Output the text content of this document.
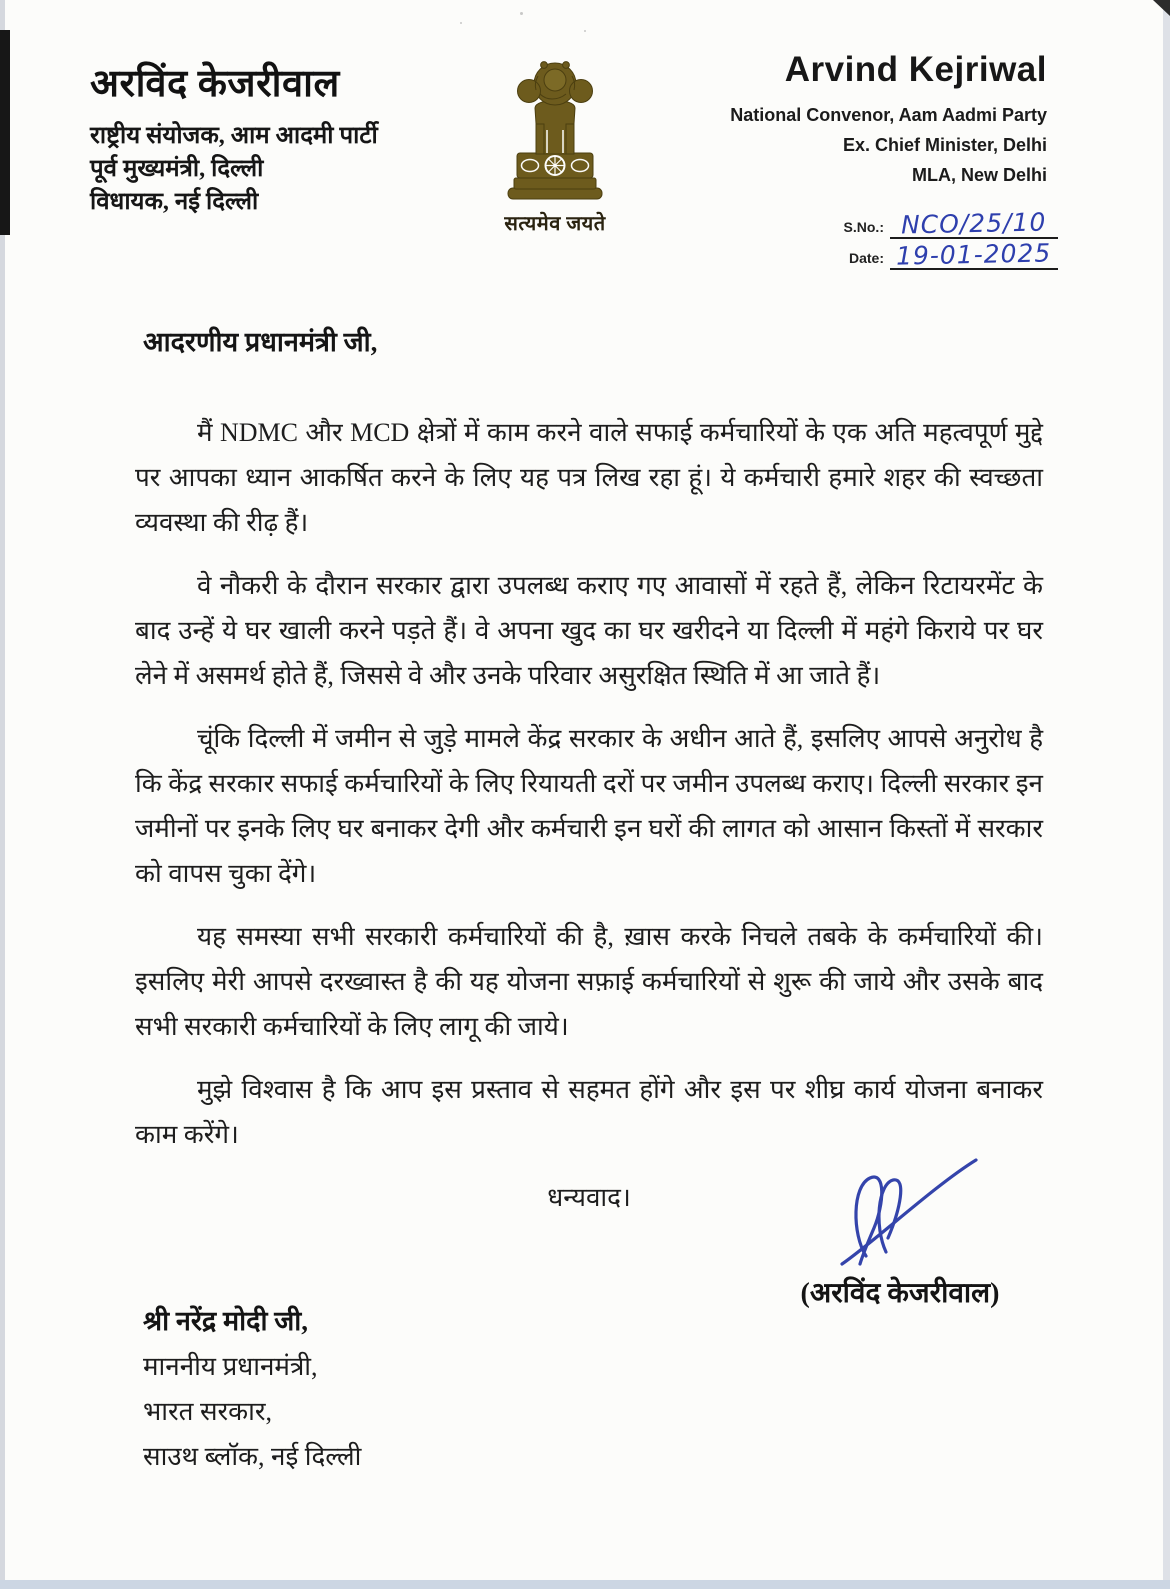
अरविंद केजरीवाल
राष्ट्रीय संयोजक, आम आदमी पार्टी
पूर्व मुख्यमंत्री, दिल्ली
विधायक, नई दिल्ली
सत्यमेव जयते
Arvind Kejriwal
National Convenor, Aam Aadmi Party
Ex. Chief Minister, Delhi
MLA, New Delhi
S.No.: NCO/25/10
Date: 19-01-2025
आदरणीय प्रधानमंत्री जी,

मैं NDMC और MCD क्षेत्रों में काम करने वाले सफाई कर्मचारियों के एक अति महत्वपूर्ण मुद्दे पर आपका ध्यान आकर्षित करने के लिए यह पत्र लिख रहा हूं। ये कर्मचारी हमारे शहर की स्वच्छता व्यवस्था की रीढ़ हैं।

वे नौकरी के दौरान सरकार द्वारा उपलब्ध कराए गए आवासों में रहते हैं, लेकिन रिटायरमेंट के बाद उन्हें ये घर खाली करने पड़ते हैं। वे अपना खुद का घर खरीदने या दिल्ली में महंगे किराये पर घर लेने में असमर्थ होते हैं, जिससे वे और उनके परिवार असुरक्षित स्थिति में आ जाते हैं।

चूंकि दिल्ली में जमीन से जुड़े मामले केंद्र सरकार के अधीन आते हैं, इसलिए आपसे अनुरोध है कि केंद्र सरकार सफाई कर्मचारियों के लिए रियायती दरों पर जमीन उपलब्ध कराए। दिल्ली सरकार इन जमीनों पर इनके लिए घर बनाकर देगी और कर्मचारी इन घरों की लागत को आसान किस्तों में सरकार को वापस चुका देंगे।

यह समस्या सभी सरकारी कर्मचारियों की है, ख़ास करके निचले तबके के कर्मचारियों की। इसलिए मेरी आपसे दरख्वास्त है की यह योजना सफ़ाई कर्मचारियों से शुरू की जाये और उसके बाद सभी सरकारी कर्मचारियों के लिए लागू की जाये।

मुझे विश्वास है कि आप इस प्रस्ताव से सहमत होंगे और इस पर शीघ्र कार्य योजना बनाकर काम करेंगे।

धन्यवाद।
(अरविंद केजरीवाल)
श्री नरेंद्र मोदी जी,
माननीय प्रधानमंत्री,
भारत सरकार,
साउथ ब्लॉक, नई दिल्ली
